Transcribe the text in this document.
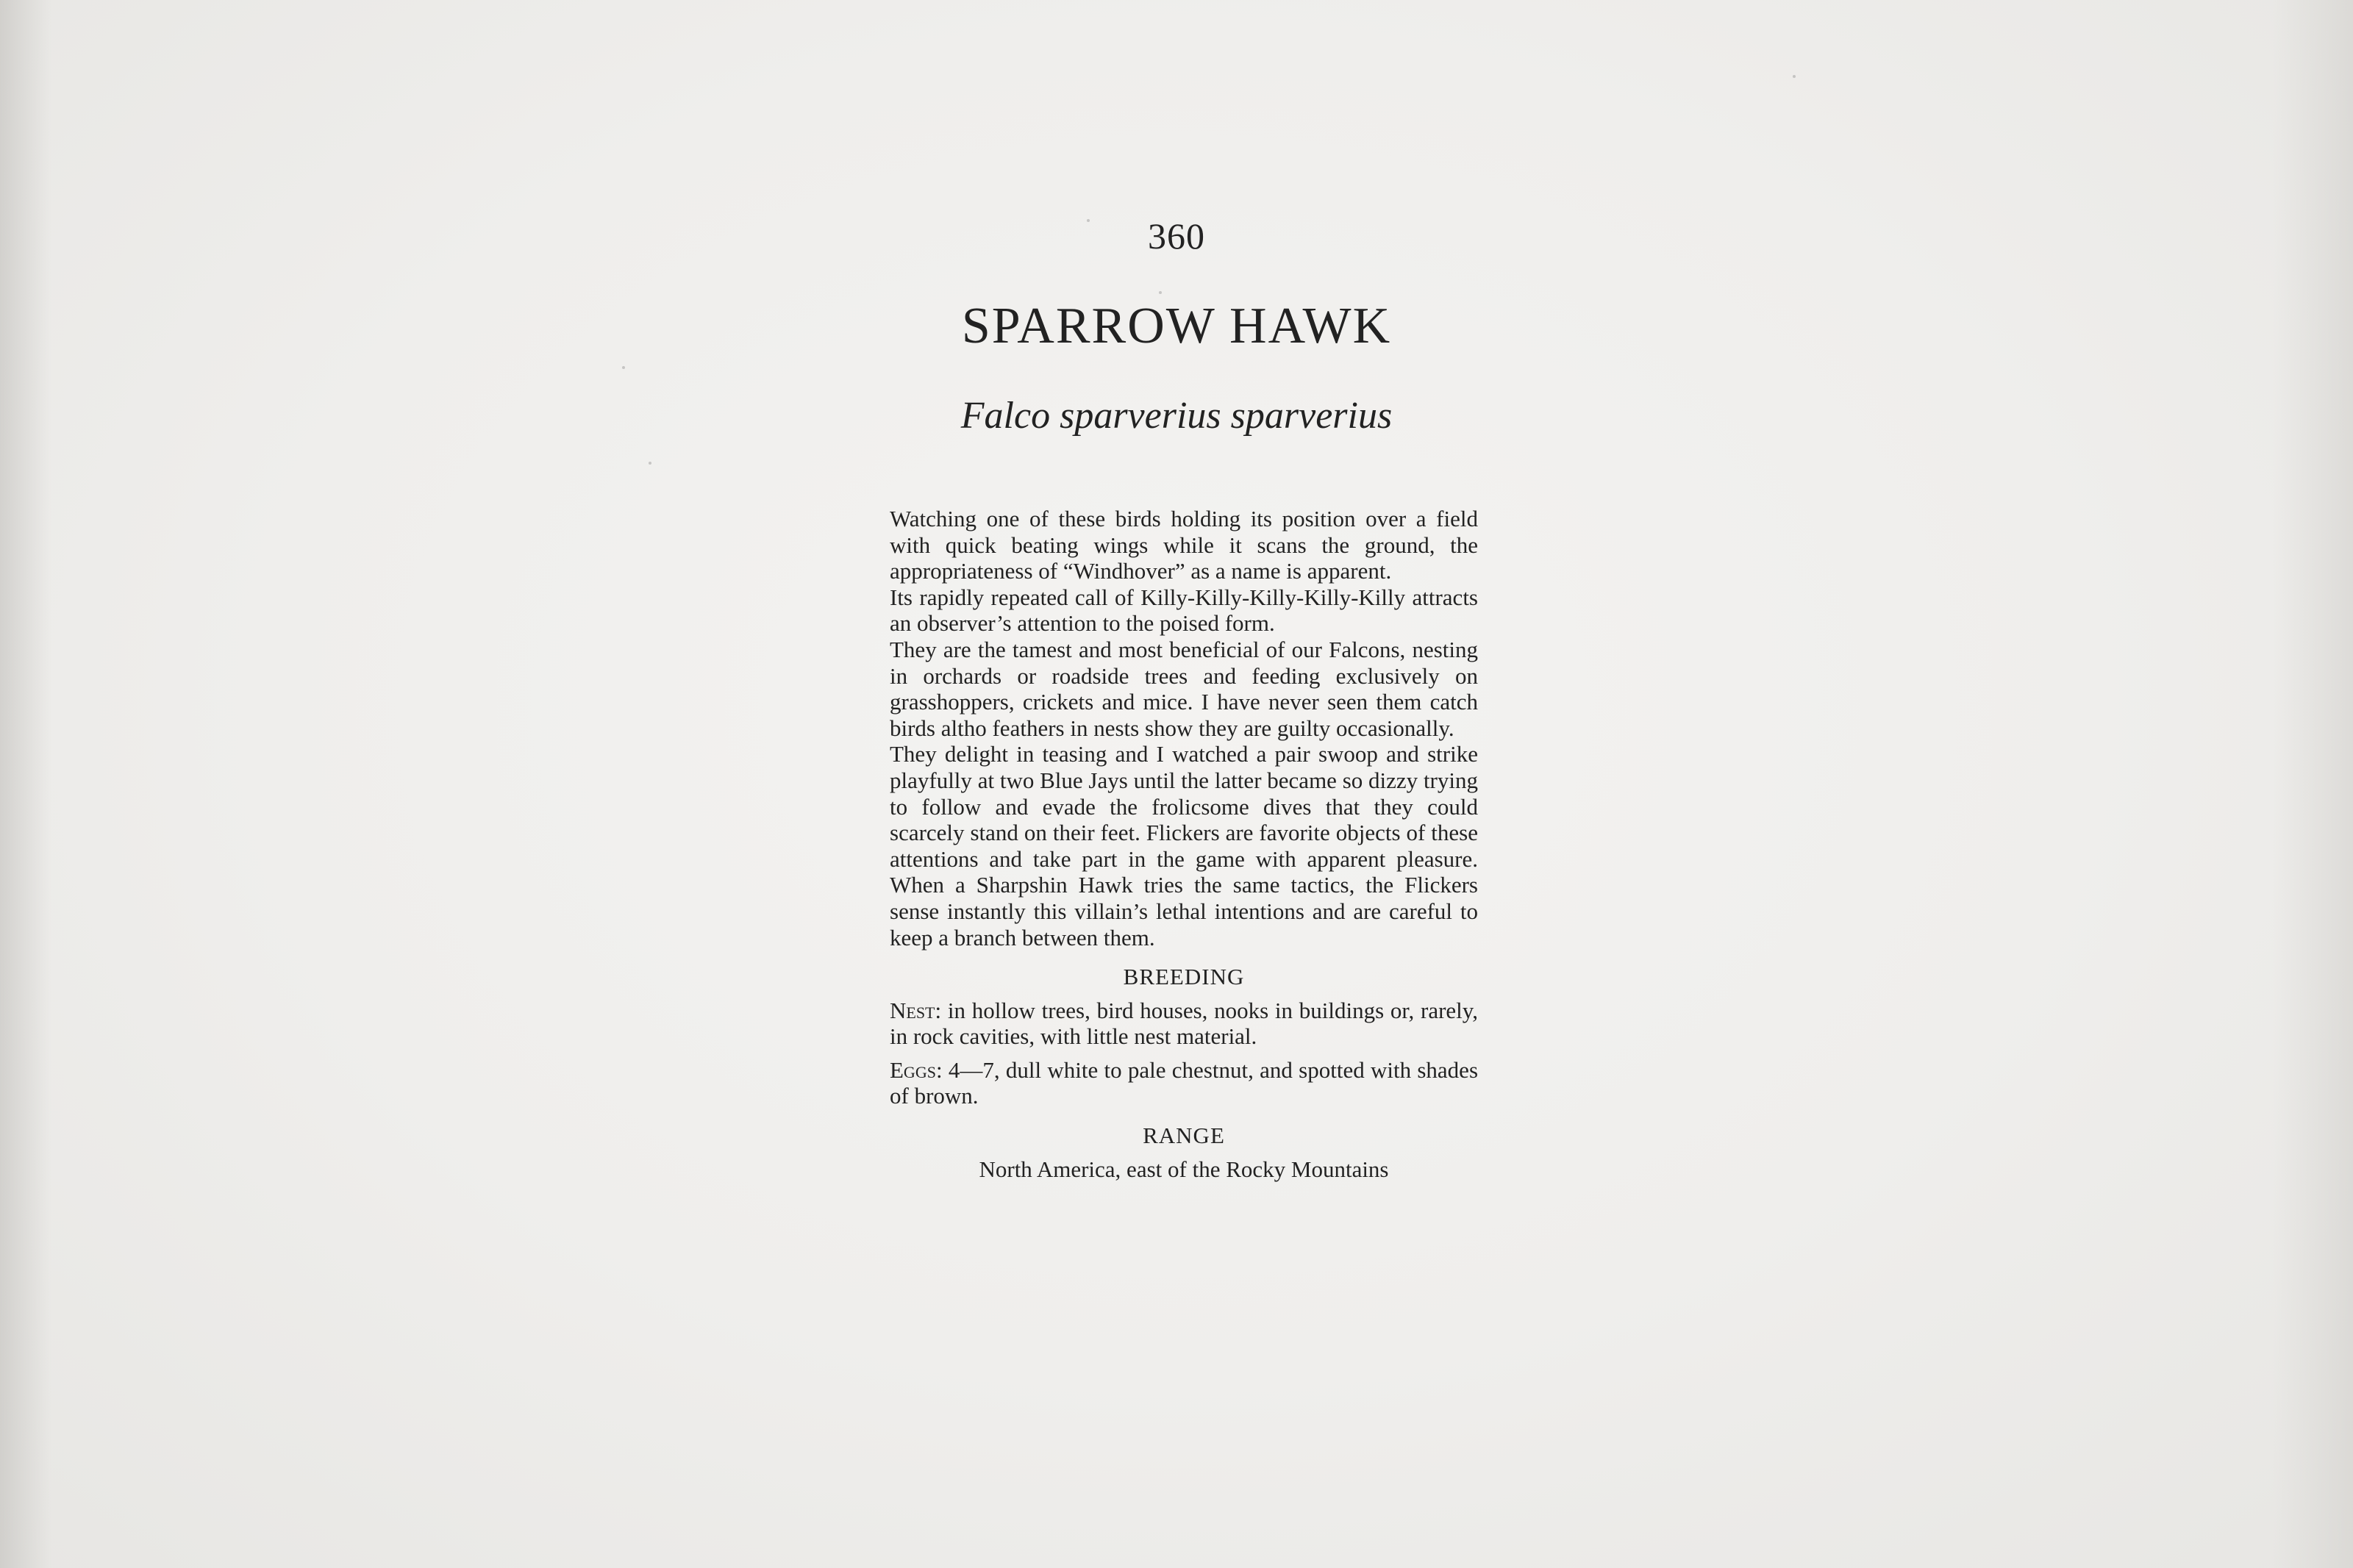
360
SPARROW HAWK
Falco sparverius sparverius

Watching one of these birds holding its position over a field with quick beating wings while it scans the ground, the appropriateness of “Windhover” as a name is apparent.

Its rapidly repeated call of Killy-Killy-Killy-Killy-Killy attracts an observer’s attention to the poised form.

They are the tamest and most beneficial of our Falcons, nesting in orchards or roadside trees and feeding exclusively on grasshoppers, crickets and mice. I have never seen them catch birds altho feathers in nests show they are guilty occasionally.

They delight in teasing and I watched a pair swoop and strike playfully at two Blue Jays until the latter became so dizzy trying to follow and evade the frolicsome dives that they could scarcely stand on their feet. Flickers are favorite objects of these attentions and take part in the game with apparent pleasure. When a Sharpshin Hawk tries the same tactics, the Flickers sense instantly this villain’s lethal intentions and are careful to keep a branch between them.

BREEDING

Nest: in hollow trees, bird houses, nooks in buildings or, rarely, in rock cavities, with little nest material.

Eggs: 4—7, dull white to pale chestnut, and spotted with shades of brown.

RANGE

North America, east of the Rocky Mountains
